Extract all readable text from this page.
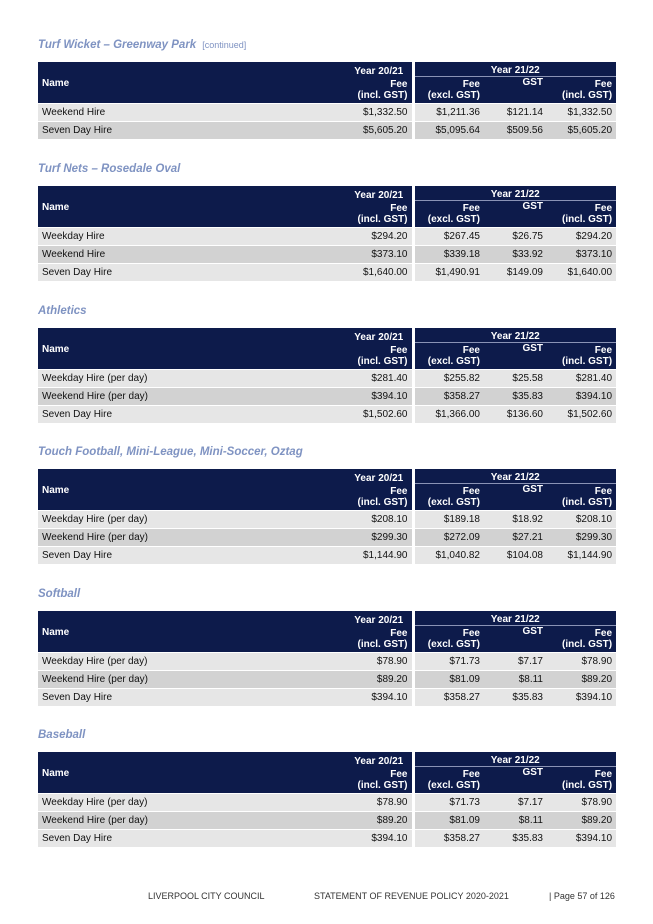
LIVERPOOL CITY COUNCIL	STATEMENT OF REVENUE POLICY 2020-2021	| Page 57 of 126
Turf Wicket – Greenway Park [continued]
Name	Year 20/21	Year 21/22		
	Fee
(incl. GST)	Fee
(excl. GST)	GST	Fee
(incl. GST)
Weekend Hire	$1,332.50	$1,211.36	$121.14	$1,332.50
Seven Day Hire	$5,605.20	$5,095.64	$509.56	$5,605.20
Turf Nets – Rosedale Oval
Name	Year 20/21	Year 21/22		
	Fee
(incl. GST)	Fee
(excl. GST)	GST	Fee
(incl. GST)
Weekday Hire	$294.20	$267.45	$26.75	$294.20
Weekend Hire	$373.10	$339.18	$33.92	$373.10
Seven Day Hire	$1,640.00	$1,490.91	$149.09	$1,640.00
Athletics
Name	Year 20/21	Year 21/22		
	Fee
(incl. GST)	Fee
(excl. GST)	GST	Fee
(incl. GST)
Weekday Hire (per day)	$281.40	$255.82	$25.58	$281.40
Weekend Hire (per day)	$394.10	$358.27	$35.83	$394.10
Seven Day Hire	$1,502.60	$1,366.00	$136.60	$1,502.60
Touch Football, Mini-League, Mini-Soccer, Oztag
Name	Year 20/21	Year 21/22		
	Fee
(incl. GST)	Fee
(excl. GST)	GST	Fee
(incl. GST)
Weekday Hire (per day)	$208.10	$189.18	$18.92	$208.10
Weekend Hire (per day)	$299.30	$272.09	$27.21	$299.30
Seven Day Hire	$1,144.90	$1,040.82	$104.08	$1,144.90
Softball
Name	Year 20/21	Year 21/22		
	Fee
(incl. GST)	Fee
(excl. GST)	GST	Fee
(incl. GST)
Weekday Hire (per day)	$78.90	$71.73	$7.17	$78.90
Weekend Hire (per day)	$89.20	$81.09	$8.11	$89.20
Seven Day Hire	$394.10	$358.27	$35.83	$394.10
Baseball
Name	Year 20/21	Year 21/22		
	Fee
(incl. GST)	Fee
(excl. GST)	GST	Fee
(incl. GST)
Weekday Hire (per day)	$78.90	$71.73	$7.17	$78.90
Weekend Hire (per day)	$89.20	$81.09	$8.11	$89.20
Seven Day Hire	$394.10	$358.27	$35.83	$394.10
